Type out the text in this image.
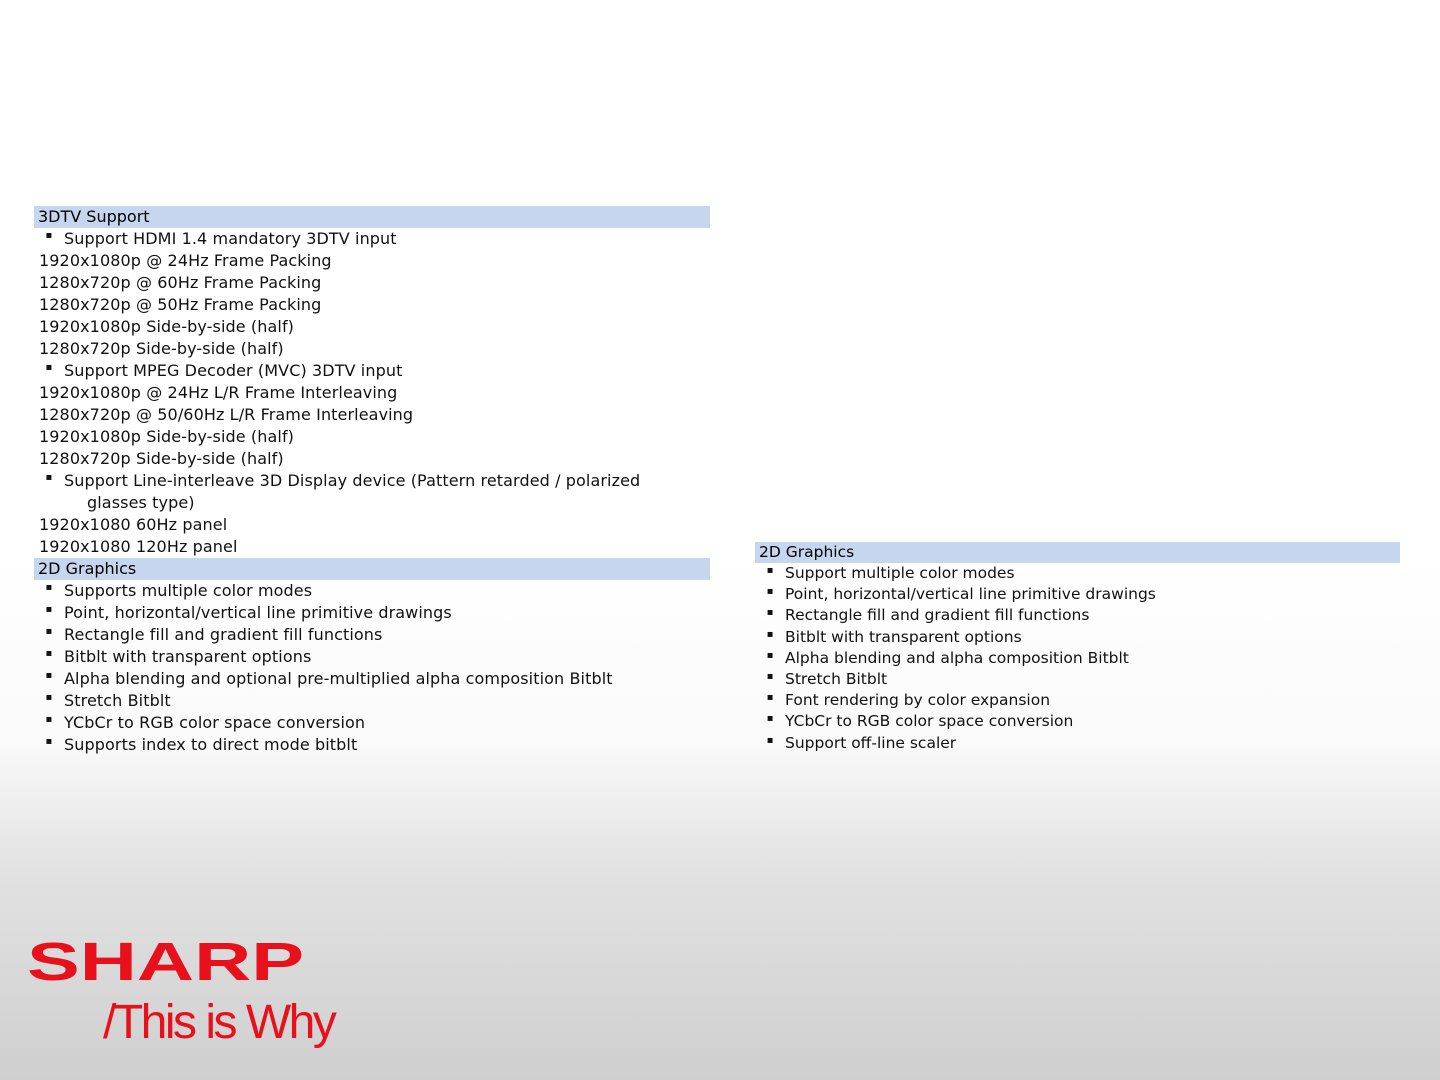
3DTV Support
▪ Support HDMI 1.4 mandatory 3DTV input
1920x1080p @ 24Hz Frame Packing
1280x720p @ 60Hz Frame Packing
1280x720p @ 50Hz Frame Packing
1920x1080p Side-by-side (half)
1280x720p Side-by-side (half)
▪ Support MPEG Decoder (MVC) 3DTV input
1920x1080p @ 24Hz L/R Frame Interleaving
1280x720p @ 50/60Hz L/R Frame Interleaving
1920x1080p Side-by-side (half)
1280x720p Side-by-side (half)
▪ Support Line-interleave 3D Display device (Pattern retarded / polarized
glasses type)
1920x1080 60Hz panel
1920x1080 120Hz panel
2D Graphics
▪ Supports multiple color modes
▪ Point, horizontal/vertical line primitive drawings
▪ Rectangle fill and gradient fill functions
▪ Bitblt with transparent options
▪ Alpha blending and optional pre-multiplied alpha composition Bitblt
▪ Stretch Bitblt
▪ YCbCr to RGB color space conversion
▪ Supports index to direct mode bitblt
2D Graphics
▪ Support multiple color modes
▪ Point, horizontal/vertical line primitive drawings
▪ Rectangle fill and gradient fill functions
▪ Bitblt with transparent options
▪ Alpha blending and alpha composition Bitblt
▪ Stretch Bitblt
▪ Font rendering by color expansion
▪ YCbCr to RGB color space conversion
▪ Support off-line scaler
SHARP
/This is Why
